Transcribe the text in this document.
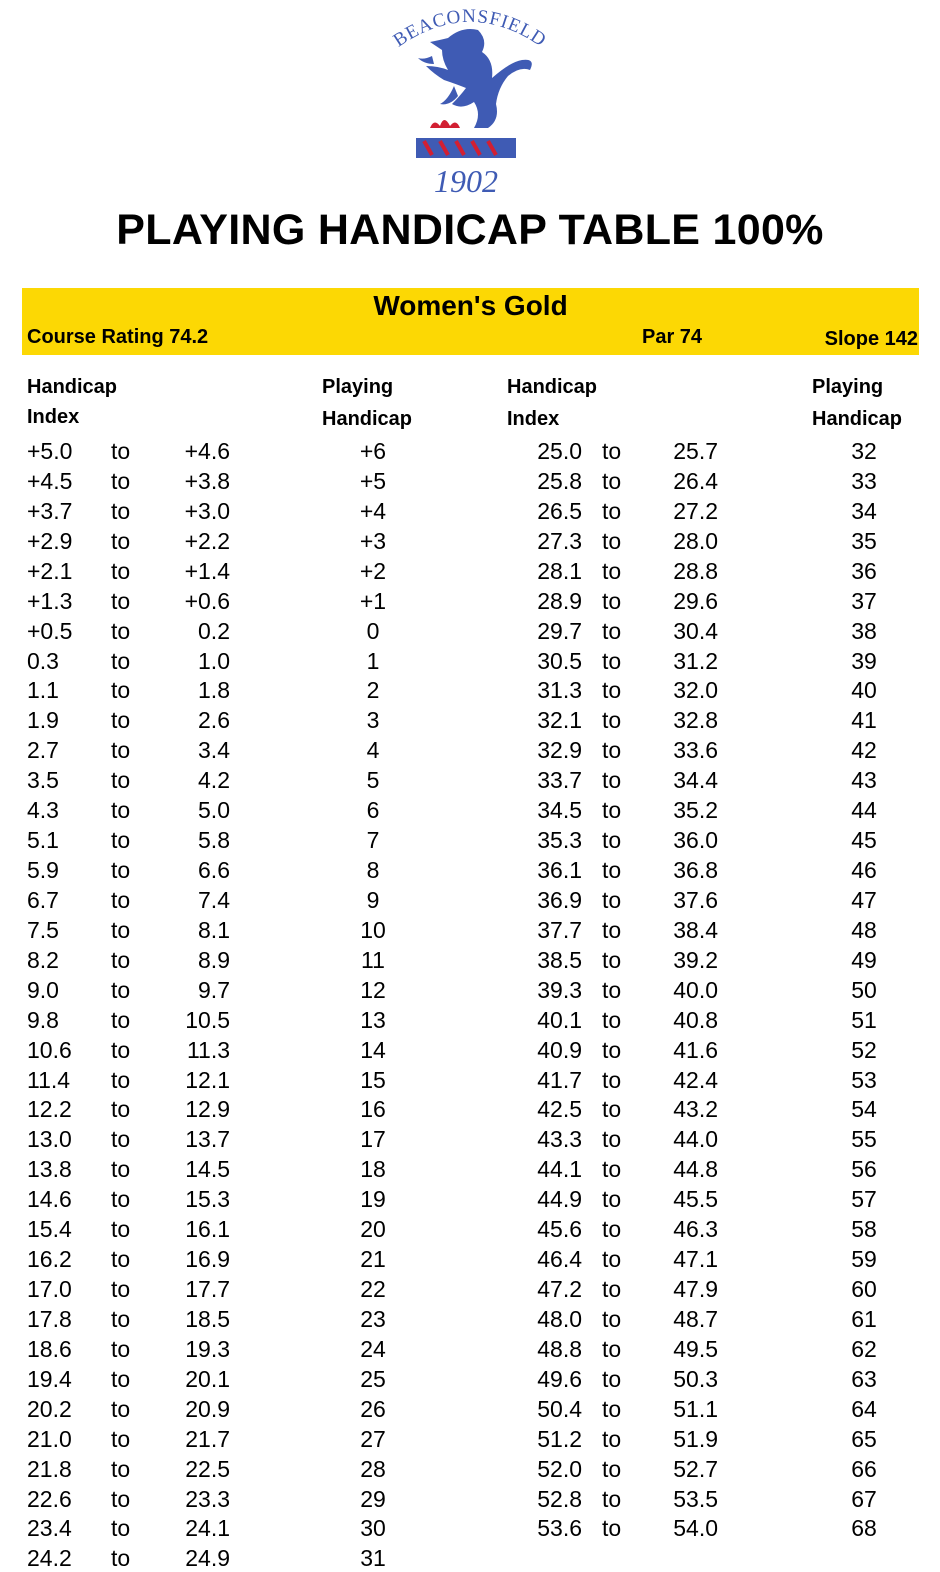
BEACONSFIELD
1902
PLAYING HANDICAP TABLE 100%
Women's Gold
Course Rating 74.2	Par 74	Slope 142
Handicap
Index
Playing
Handicap
Handicap
Index
Playing
Handicap
+5.0 to	+4.6	+6
+4.5 to	+3.8	+5
+3.7 to	+3.0	+4
+2.9 to	+2.2	+3
+2.1 to	+1.4	+2
+1.3 to	+0.6	+1
+0.5 to	0.2	0
0.3 to	1.0	1
1.1 to	1.8	2
1.9 to	2.6	3
2.7 to	3.4	4
3.5 to	4.2	5
4.3 to	5.0	6
5.1 to	5.8	7
5.9 to	6.6	8
6.7 to	7.4	9
7.5 to	8.1	10
8.2 to	8.9	11
9.0 to	9.7	12
9.8 to	10.5	13
10.6 to	11.3	14
11.4 to	12.1	15
12.2 to	12.9	16
13.0 to	13.7	17
13.8 to	14.5	18
14.6 to	15.3	19
15.4 to	16.1	20
16.2 to	16.9	21
17.0 to	17.7	22
17.8 to	18.5	23
18.6 to	19.3	24
19.4 to	20.1	25
20.2 to	20.9	26
21.0 to	21.7	27
21.8 to	22.5	28
22.6 to	23.3	29
23.4 to	24.1	30
24.2 to	24.9	31
25.0 to	25.7	32
25.8 to	26.4	33
26.5 to	27.2	34
27.3 to	28.0	35
28.1 to	28.8	36
28.9 to	29.6	37
29.7 to	30.4	38
30.5 to	31.2	39
31.3 to	32.0	40
32.1 to	32.8	41
32.9 to	33.6	42
33.7 to	34.4	43
34.5 to	35.2	44
35.3 to	36.0	45
36.1 to	36.8	46
36.9 to	37.6	47
37.7 to	38.4	48
38.5 to	39.2	49
39.3 to	40.0	50
40.1 to	40.8	51
40.9 to	41.6	52
41.7 to	42.4	53
42.5 to	43.2	54
43.3 to	44.0	55
44.1 to	44.8	56
44.9 to	45.5	57
45.6 to	46.3	58
46.4 to	47.1	59
47.2 to	47.9	60
48.0 to	48.7	61
48.8 to	49.5	62
49.6 to	50.3	63
50.4 to	51.1	64
51.2 to	51.9	65
52.0 to	52.7	66
52.8 to	53.5	67
53.6 to	54.0	68
